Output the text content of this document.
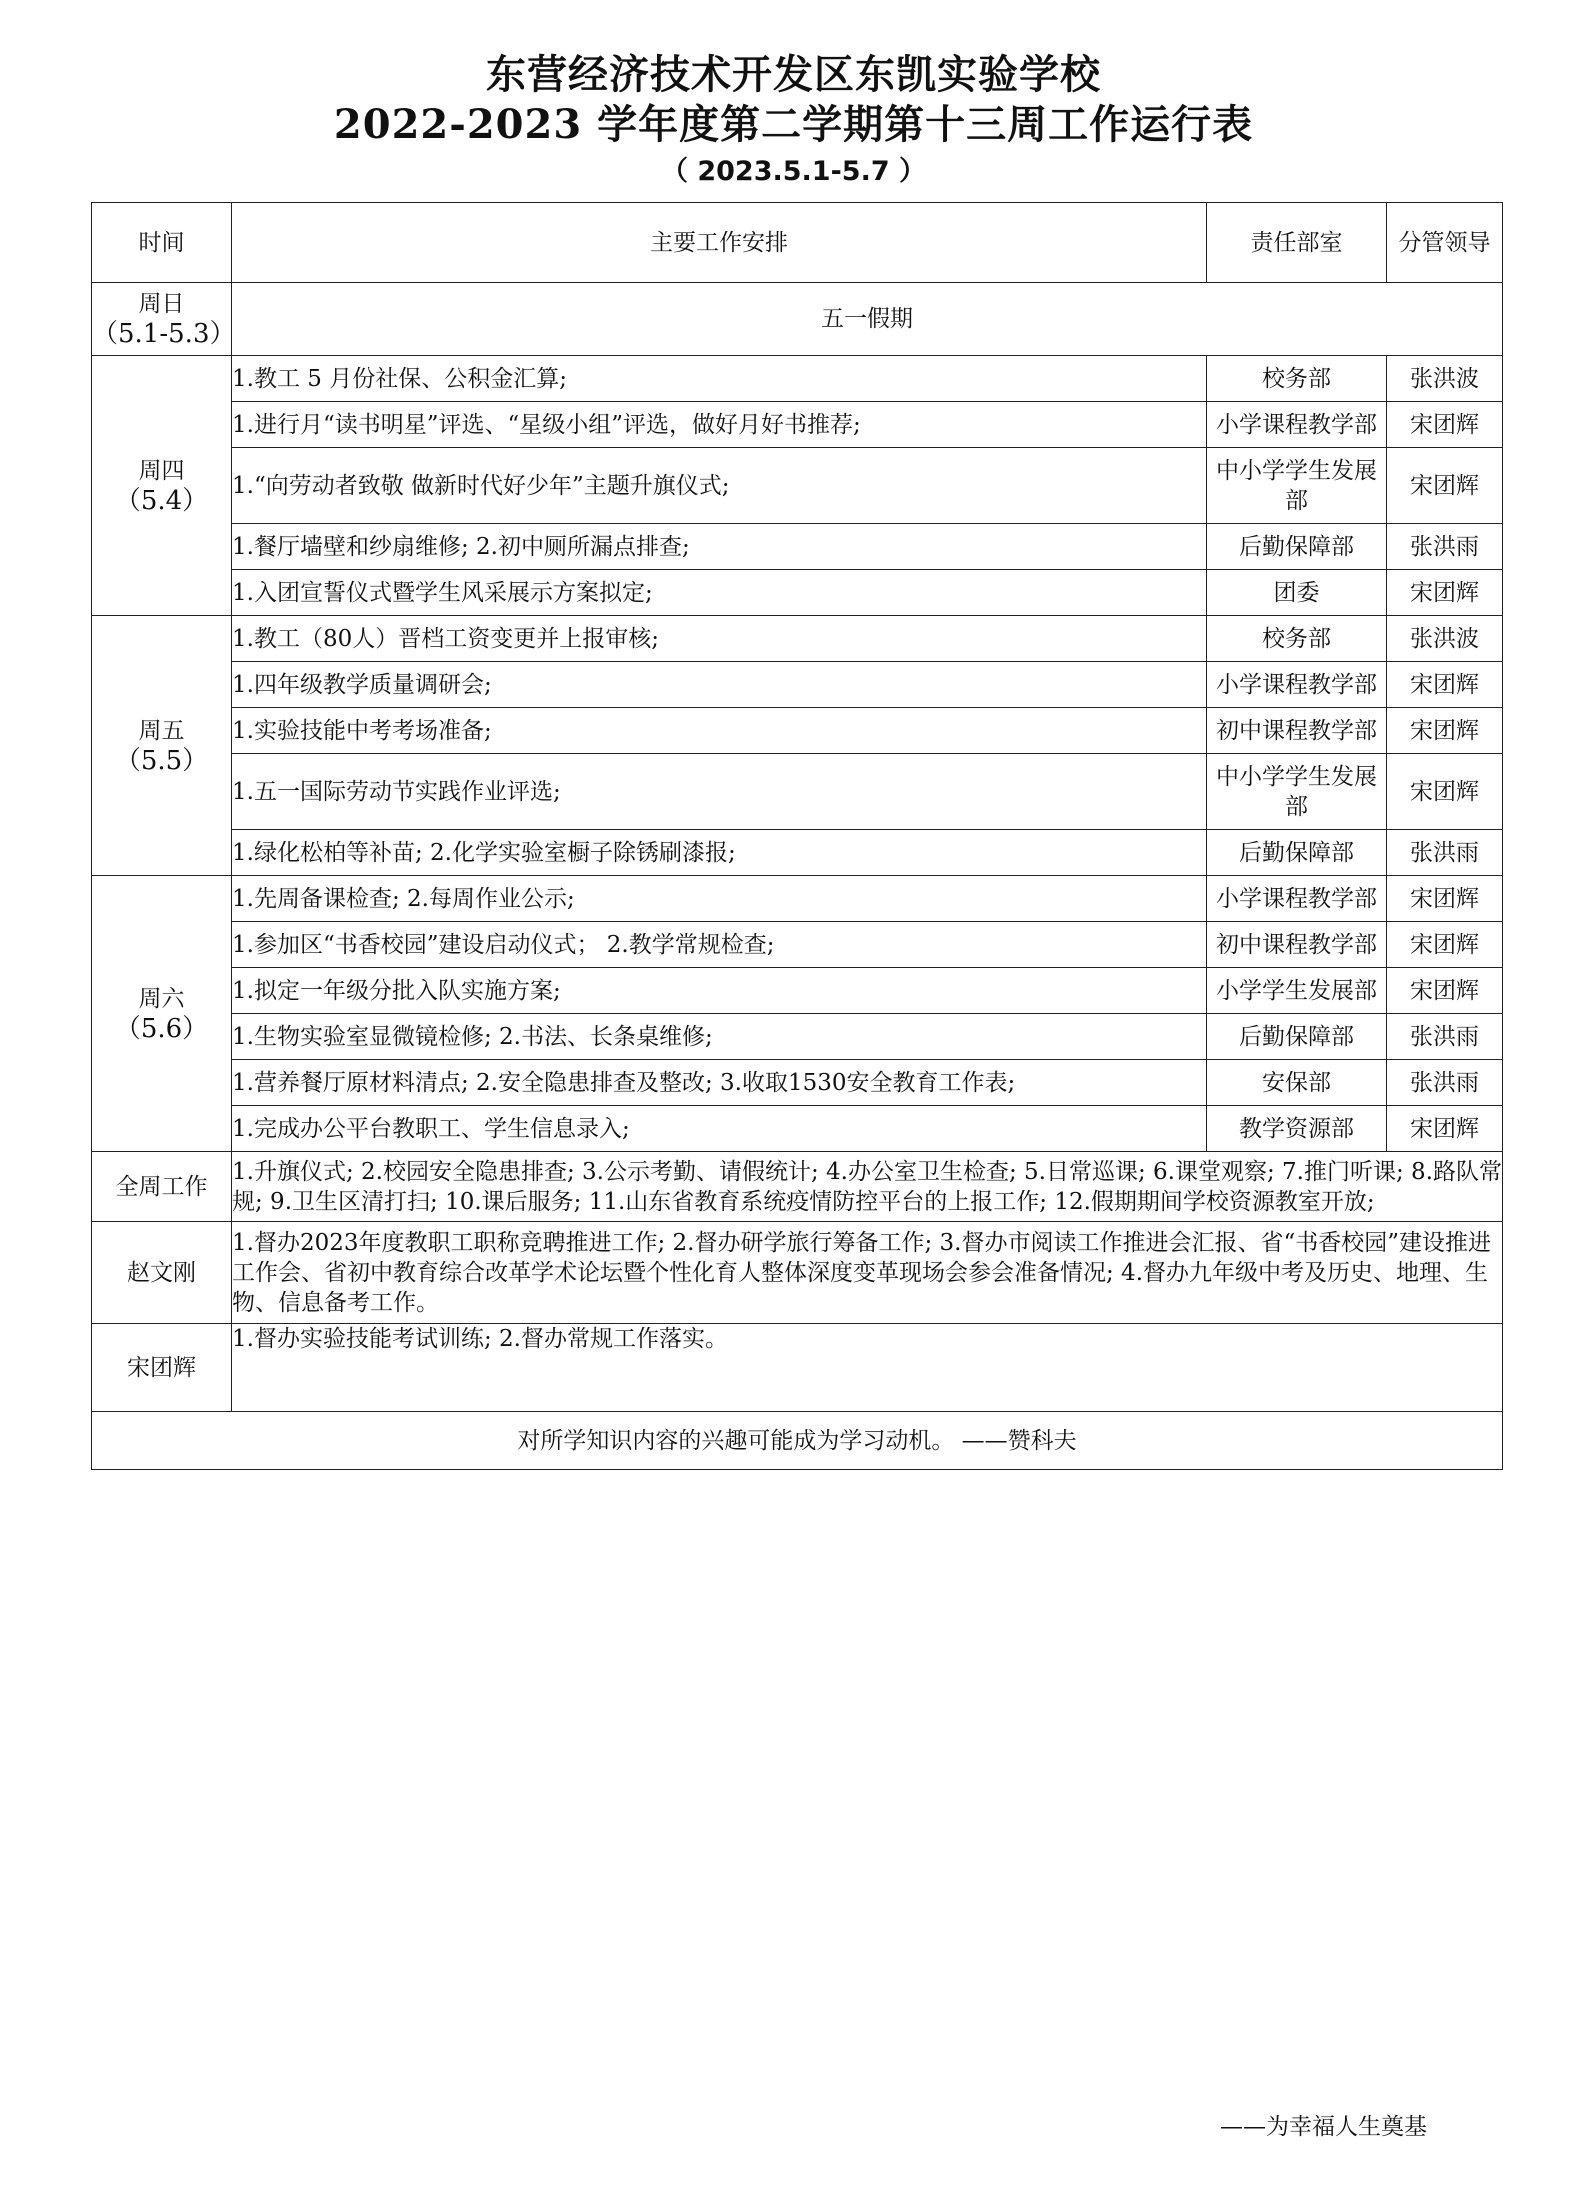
东营经济技术开发区东凯实验学校
2022-2023 学年度第二学期第十三周工作运行表
（ 2023.5.1-5.7 ）
时间	主要工作安排	责任部室	分管领导
周日
（5.1-5.3）	五一假期		
周四
（5.4）	1.教工 5 月份社保、公积金汇算;	校务部	张洪波
	1.进行月“读书明星”评选、“星级小组”评选，做好月好书推荐;	小学课程教学部	宋团辉
	1.“向劳动者致敬 做新时代好少年”主题升旗仪式;	中小学学生发展部	宋团辉
	1.餐厅墙壁和纱扇维修; 2.初中厕所漏点排查;	后勤保障部	张洪雨
	1.入团宣誓仪式暨学生风采展示方案拟定;	团委	宋团辉
周五
（5.5）	1.教工（80人）晋档工资变更并上报审核;	校务部	张洪波
	1.四年级教学质量调研会;	小学课程教学部	宋团辉
	1.实验技能中考考场准备;	初中课程教学部	宋团辉
	1.五一国际劳动节实践作业评选;	中小学学生发展部	宋团辉
	1.绿化松柏等补苗; 2.化学实验室橱子除锈刷漆报;	后勤保障部	张洪雨
周六
（5.6）	1.先周备课检查; 2.每周作业公示;	小学课程教学部	宋团辉
	1.参加区“书香校园”建设启动仪式； 2.教学常规检查;	初中课程教学部	宋团辉
	1.拟定一年级分批入队实施方案;	小学学生发展部	宋团辉
	1.生物实验室显微镜检修; 2.书法、长条桌维修;	后勤保障部	张洪雨
	1.营养餐厅原材料清点; 2.安全隐患排查及整改; 3.收取1530安全教育工作表;	安保部	张洪雨
	1.完成办公平台教职工、学生信息录入;	教学资源部	宋团辉
全周工作	1.升旗仪式; 2.校园安全隐患排查; 3.公示考勤、请假统计; 4.办公室卫生检查; 5.日常巡课; 6.课堂观察; 7.推门听课; 8.路队常规; 9.卫生区清打扫; 10.课后服务; 11.山东省教育系统疫情防控平台的上报工作; 12.假期期间学校资源教室开放;		
赵文刚	1.督办2023年度教职工职称竞聘推进工作; 2.督办研学旅行筹备工作; 3.督办市阅读工作推进会汇报、省“书香校园”建设推进工作会、省初中教育综合改革学术论坛暨个性化育人整体深度变革现场会参会准备情况; 4.督办九年级中考及历史、地理、生物、信息备考工作。		
宋团辉	1.督办实验技能考试训练; 2.督办常规工作落实。		
对所学知识内容的兴趣可能成为学习动机。 ——赞科夫			
——为幸福人生奠基
